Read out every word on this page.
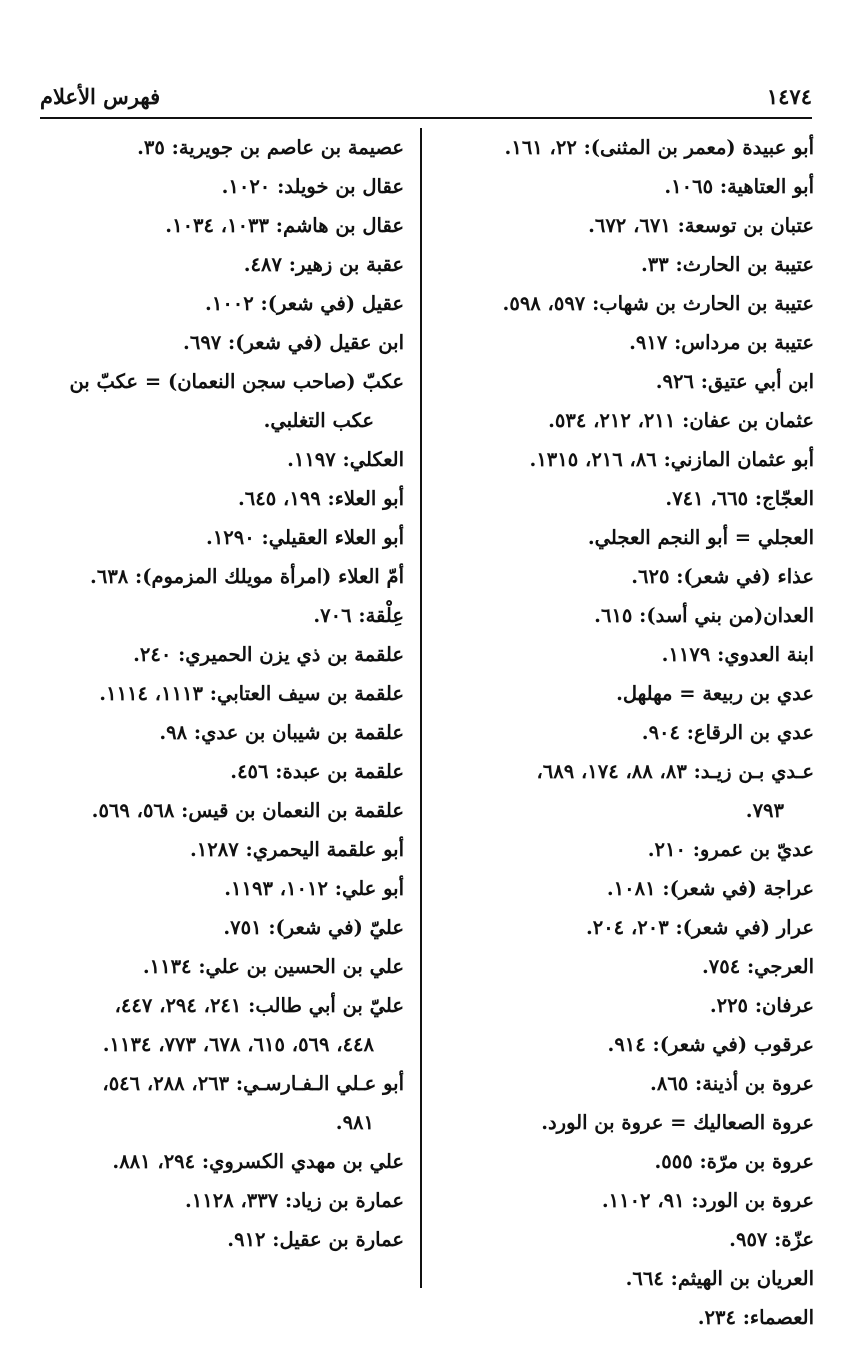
١٤٧٤
فهرس الأعلام
أبو عبيدة (معمر بن المثنى): ٢٢، ١٦١.
أبو العتاهية: ١٠٦٥.
عتبان بن توسعة: ٦٧١، ٦٧٢.
عتيبة بن الحارث: ٣٣.
عتيبة بن الحارث بن شهاب: ٥٩٧، ٥٩٨.
عتيبة بن مرداس: ٩١٧.
ابن أبي عتيق: ٩٢٦.
عثمان بن عفان: ٢١١، ٢١٢، ٥٣٤.
أبو عثمان المازني: ٨٦، ٢١٦، ١٣١٥.
العجّاج: ٦٦٥، ٧٤١.
العجلي = أبو النجم العجلي.
عذاء (في شعر): ٦٢٥.
العدان(من بني أسد): ٦١٥.
ابنة العدوي: ١١٧٩.
عدي بن ربيعة = مهلهل.
عدي بن الرقاع: ٩٠٤.
عـدي بـن زيـد: ٨٣، ٨٨، ١٧٤، ٦٨٩،
٧٩٣.
عديّ بن عمرو: ٢١٠.
عراجة (في شعر): ١٠٨١.
عرار (في شعر): ٢٠٣، ٢٠٤.
العرجي: ٧٥٤.
عرفان: ٢٢٥.
عرقوب (في شعر): ٩١٤.
عروة بن أذينة: ٨٦٥.
عروة الصعاليك = عروة بن الورد.
عروة بن مرّة: ٥٥٥.
عروة بن الورد: ٩١، ١١٠٢.
عزّة: ٩٥٧.
العريان بن الهيثم: ٦٦٤.
العصماء: ٢٣٤.
عصيمة بن عاصم بن جويرية: ٣٥.
عقال بن خويلد: ١٠٢٠.
عقال بن هاشم: ١٠٣٣، ١٠٣٤.
عقبة بن زهير: ٤٨٧.
عقيل (في شعر): ١٠٠٢.
ابن عقيل (في شعر): ٦٩٧.
عكبّ (صاحب سجن النعمان) = عكبّ بن
عكب التغلبي.
العكلي: ١١٩٧.
أبو العلاء: ١٩٩، ٦٤٥.
أبو العلاء العقيلي: ١٢٩٠.
أمّ العلاء (امرأة مويلك المزموم): ٦٣٨.
عِلْقة: ٧٠٦.
علقمة بن ذي يزن الحميري: ٢٤٠.
علقمة بن سيف العتابي: ١١١٣، ١١١٤.
علقمة بن شيبان بن عدي: ٩٨.
علقمة بن عبدة: ٤٥٦.
علقمة بن النعمان بن قيس: ٥٦٨، ٥٦٩.
أبو علقمة اليحمري: ١٢٨٧.
أبو علي: ١٠١٢، ١١٩٣.
عليّ (في شعر): ٧٥١.
علي بن الحسين بن علي: ١١٣٤.
عليّ بن أبي طالب: ٢٤١، ٢٩٤، ٤٤٧،
٤٤٨، ٥٦٩، ٦١٥، ٦٧٨، ٧٧٣، ١١٣٤.
أبو عـلي الـفـارسـي: ٢٦٣، ٢٨٨، ٥٤٦،
٩٨١.
علي بن مهدي الكسروي: ٢٩٤، ٨٨١.
عمارة بن زياد: ٣٣٧، ١١٢٨.
عمارة بن عقيل: ٩١٢.
